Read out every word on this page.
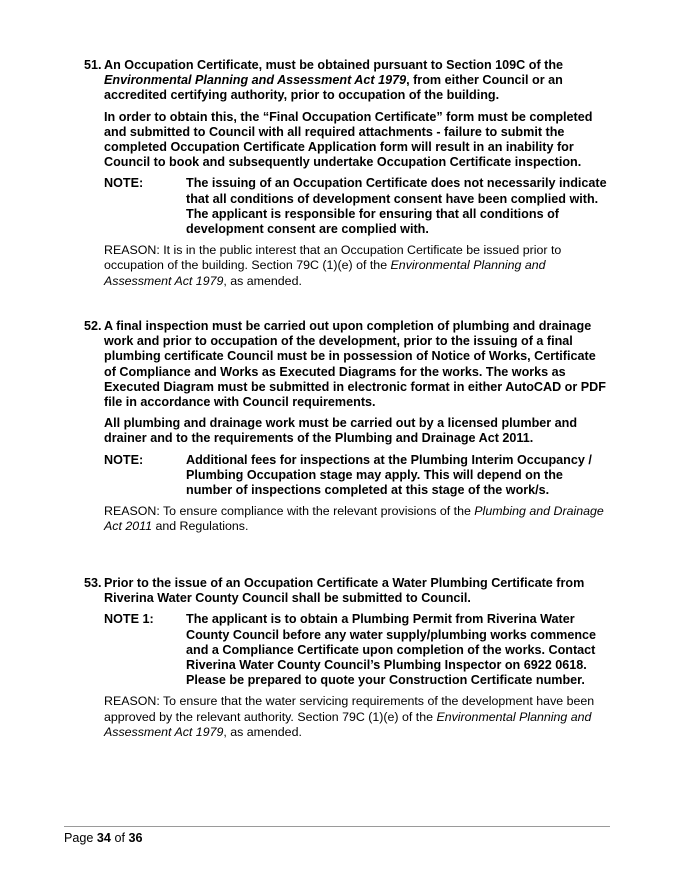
51. An Occupation Certificate, must be obtained pursuant to Section 109C of the Environmental Planning and Assessment Act 1979, from either Council or an accredited certifying authority, prior to occupation of the building.

In order to obtain this, the “Final Occupation Certificate” form must be completed and submitted to Council with all required attachments - failure to submit the completed Occupation Certificate Application form will result in an inability for Council to book and subsequently undertake Occupation Certificate inspection.

NOTE:	The issuing of an Occupation Certificate does not necessarily indicate that all conditions of development consent have been complied with. The applicant is responsible for ensuring that all conditions of development consent are complied with.

REASON: It is in the public interest that an Occupation Certificate be issued prior to occupation of the building. Section 79C (1)(e) of the Environmental Planning and Assessment Act 1979, as amended.

52. A final inspection must be carried out upon completion of plumbing and drainage work and prior to occupation of the development, prior to the issuing of a final plumbing certificate Council must be in possession of Notice of Works, Certificate of Compliance and Works as Executed Diagrams for the works. The works as Executed Diagram must be submitted in electronic format in either AutoCAD or PDF file in accordance with Council requirements.

All plumbing and drainage work must be carried out by a licensed plumber and drainer and to the requirements of the Plumbing and Drainage Act 2011.

NOTE:	Additional fees for inspections at the Plumbing Interim Occupancy / Plumbing Occupation stage may apply. This will depend on the number of inspections completed at this stage of the work/s.

REASON: To ensure compliance with the relevant provisions of the Plumbing and Drainage Act 2011 and Regulations.

53. Prior to the issue of an Occupation Certificate a Water Plumbing Certificate from Riverina Water County Council shall be submitted to Council.

NOTE 1:	The applicant is to obtain a Plumbing Permit from Riverina Water County Council before any water supply/plumbing works commence and a Compliance Certificate upon completion of the works. Contact Riverina Water County Council’s Plumbing Inspector on 6922 0618. Please be prepared to quote your Construction Certificate number.

REASON: To ensure that the water servicing requirements of the development have been approved by the relevant authority. Section 79C (1)(e) of the Environmental Planning and Assessment Act 1979, as amended.

Page 34 of 36
